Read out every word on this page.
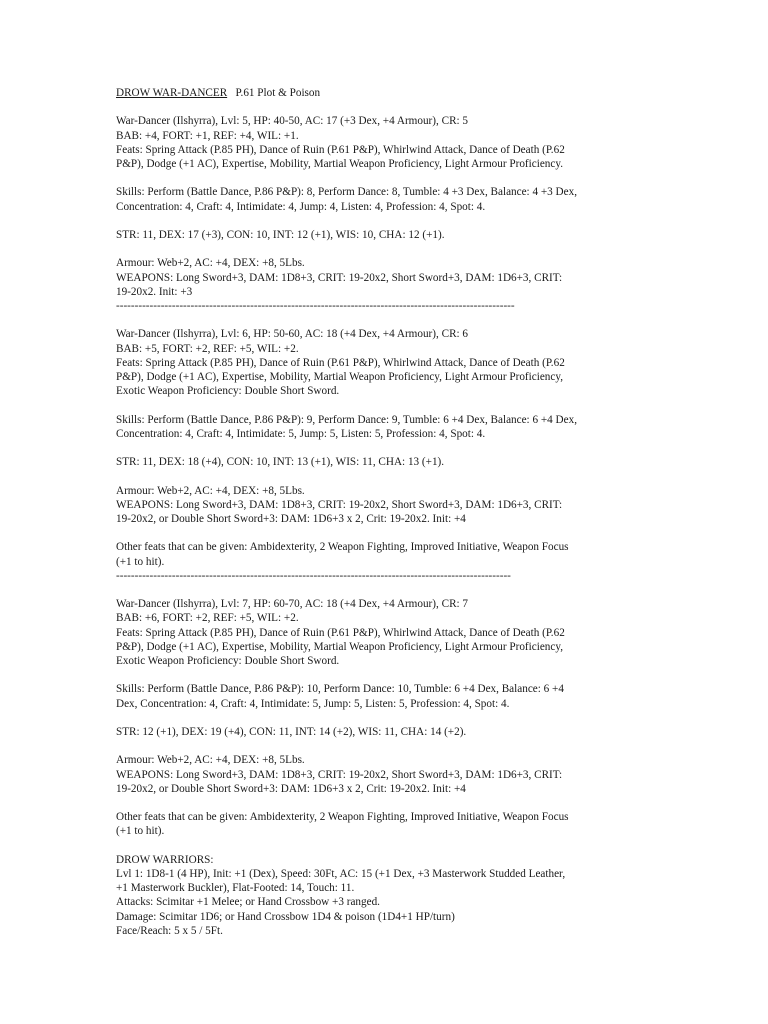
DROW WAR-DANCER P.61 Plot & Poison
War-Dancer (Ilshyrra), Lvl: 5, HP: 40-50, AC: 17 (+3 Dex, +4 Armour), CR: 5
BAB: +4, FORT: +1, REF: +4, WIL: +1.
Feats: Spring Attack (P.85 PH), Dance of Ruin (P.61 P&P), Whirlwind Attack, Dance of Death (P.62
P&P), Dodge (+1 AC), Expertise, Mobility, Martial Weapon Proficiency, Light Armour Proficiency.
Skills: Perform (Battle Dance, P.86 P&P): 8, Perform Dance: 8, Tumble: 4 +3 Dex, Balance: 4 +3 Dex,
Concentration: 4, Craft: 4, Intimidate: 4, Jump: 4, Listen: 4, Profession: 4, Spot: 4.
STR: 11, DEX: 17 (+3), CON: 10, INT: 12 (+1), WIS: 10, CHA: 12 (+1).
Armour: Web+2, AC: +4, DEX: +8, 5Lbs.
WEAPONS: Long Sword+3, DAM: 1D8+3, CRIT: 19-20x2, Short Sword+3, DAM: 1D6+3, CRIT:
19-20x2. Init: +3
-----------------------------------------------------------------------------------------------------------
War-Dancer (Ilshyrra), Lvl: 6, HP: 50-60, AC: 18 (+4 Dex, +4 Armour), CR: 6
BAB: +5, FORT: +2, REF: +5, WIL: +2.
Feats: Spring Attack (P.85 PH), Dance of Ruin (P.61 P&P), Whirlwind Attack, Dance of Death (P.62
P&P), Dodge (+1 AC), Expertise, Mobility, Martial Weapon Proficiency, Light Armour Proficiency,
Exotic Weapon Proficiency: Double Short Sword.
Skills: Perform (Battle Dance, P.86 P&P): 9, Perform Dance: 9, Tumble: 6 +4 Dex, Balance: 6 +4 Dex,
Concentration: 4, Craft: 4, Intimidate: 5, Jump: 5, Listen: 5, Profession: 4, Spot: 4.
STR: 11, DEX: 18 (+4), CON: 10, INT: 13 (+1), WIS: 11, CHA: 13 (+1).
Armour: Web+2, AC: +4, DEX: +8, 5Lbs.
WEAPONS: Long Sword+3, DAM: 1D8+3, CRIT: 19-20x2, Short Sword+3, DAM: 1D6+3, CRIT:
19-20x2, or Double Short Sword+3: DAM: 1D6+3 x 2, Crit: 19-20x2. Init: +4
Other feats that can be given: Ambidexterity, 2 Weapon Fighting, Improved Initiative, Weapon Focus
(+1 to hit).
----------------------------------------------------------------------------------------------------------
War-Dancer (Ilshyrra), Lvl: 7, HP: 60-70, AC: 18 (+4 Dex, +4 Armour), CR: 7
BAB: +6, FORT: +2, REF: +5, WIL: +2.
Feats: Spring Attack (P.85 PH), Dance of Ruin (P.61 P&P), Whirlwind Attack, Dance of Death (P.62
P&P), Dodge (+1 AC), Expertise, Mobility, Martial Weapon Proficiency, Light Armour Proficiency,
Exotic Weapon Proficiency: Double Short Sword.
Skills: Perform (Battle Dance, P.86 P&P): 10, Perform Dance: 10, Tumble: 6 +4 Dex, Balance: 6 +4
Dex, Concentration: 4, Craft: 4, Intimidate: 5, Jump: 5, Listen: 5, Profession: 4, Spot: 4.
STR: 12 (+1), DEX: 19 (+4), CON: 11, INT: 14 (+2), WIS: 11, CHA: 14 (+2).
Armour: Web+2, AC: +4, DEX: +8, 5Lbs.
WEAPONS: Long Sword+3, DAM: 1D8+3, CRIT: 19-20x2, Short Sword+3, DAM: 1D6+3, CRIT:
19-20x2, or Double Short Sword+3: DAM: 1D6+3 x 2, Crit: 19-20x2. Init: +4
Other feats that can be given: Ambidexterity, 2 Weapon Fighting, Improved Initiative, Weapon Focus
(+1 to hit).
DROW WARRIORS:
Lvl 1: 1D8-1 (4 HP), Init: +1 (Dex), Speed: 30Ft, AC: 15 (+1 Dex, +3 Masterwork Studded Leather,
+1 Masterwork Buckler), Flat-Footed: 14, Touch: 11.
Attacks: Scimitar +1 Melee; or Hand Crossbow +3 ranged.
Damage: Scimitar 1D6; or Hand Crossbow 1D4 & poison (1D4+1 HP/turn)
Face/Reach: 5 x 5 / 5Ft.
